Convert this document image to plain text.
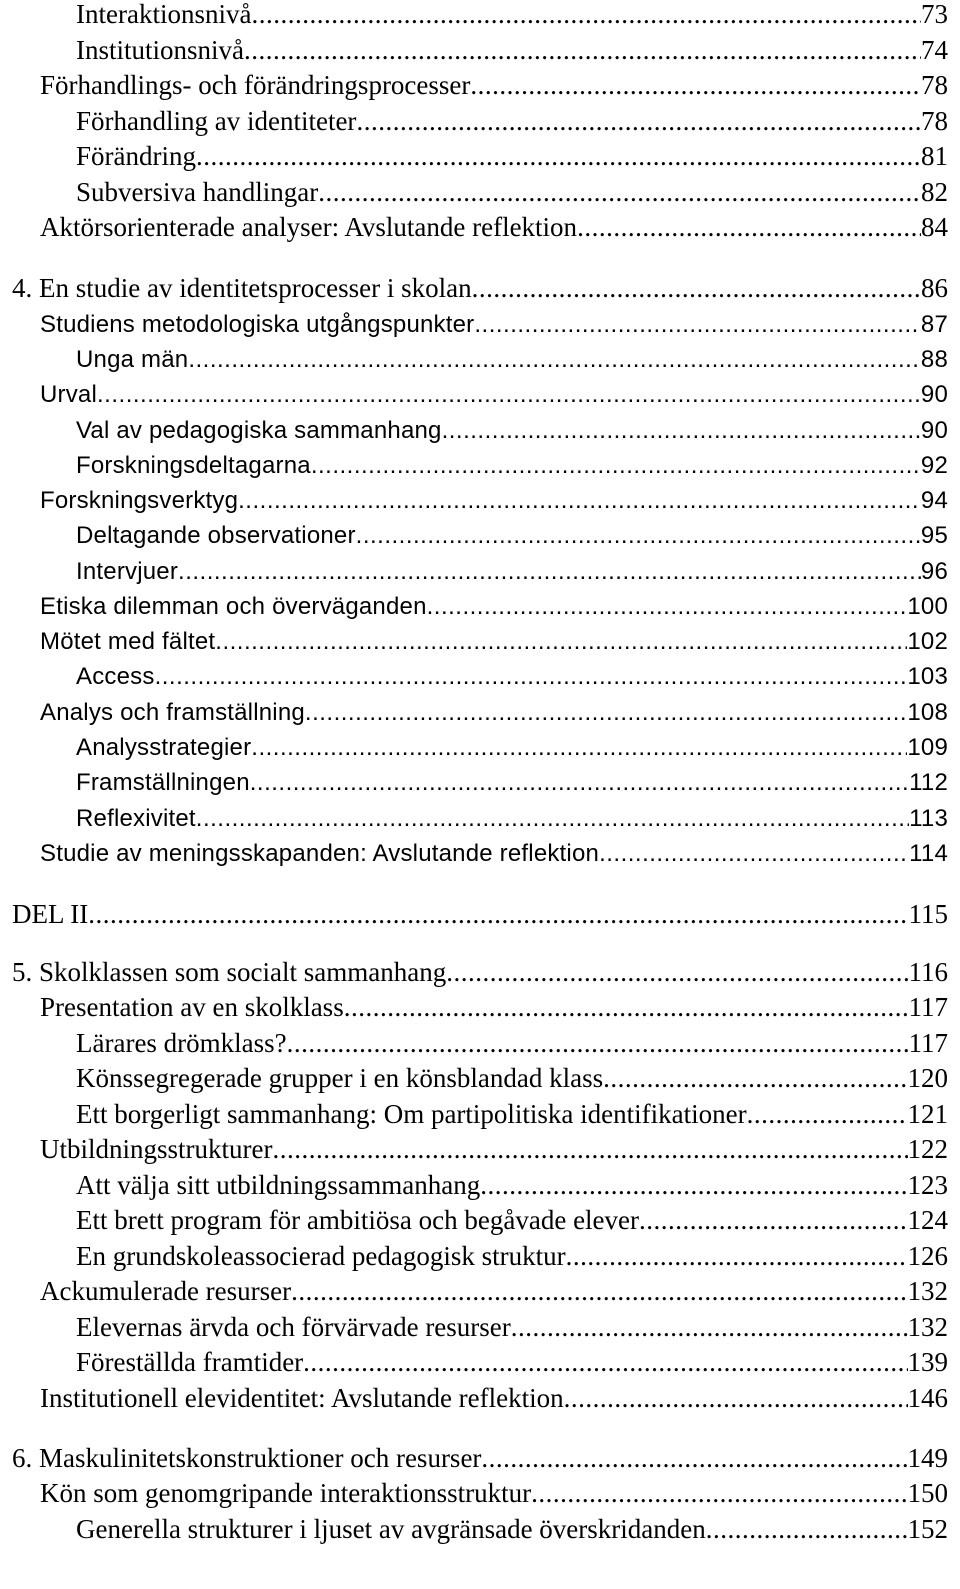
Interaktionsnivå .....	73
Institutionsnivå .....	74
Förhandlings- och förändringsprocesser .....	78
Förhandling av identiteter .....	78
Förändring .....	81
Subversiva handlingar .....	82
Aktörsorienterade analyser: Avslutande reflektion .....	84
4. En studie av identitetsprocesser i skolan .....	86
Studiens metodologiska utgångspunkter .....	87
Unga män .....	88
Urval .....	90
Val av pedagogiska sammanhang .....	90
Forskningsdeltagarna .....	92
Forskningsverktyg .....	94
Deltagande observationer .....	95
Intervjuer .....	96
Etiska dilemman och överväganden .....	100
Mötet med fältet .....	102
Access .....	103
Analys och framställning .....	108
Analysstrategier .....	109
Framställningen .....	112
Reflexivitet .....	113
Studie av meningsskapanden: Avslutande reflektion .....	114
DEL II .....	115
5. Skolklassen som socialt sammanhang .....	116
Presentation av en skolklass .....	117
Lärares drömklass? .....	117
Könssegregerade grupper i en könsblandad klass .....	120
Ett borgerligt sammanhang: Om partipolitiska identifikationer .....	121
Utbildningsstrukturer .....	122
Att välja sitt utbildningssammanhang .....	123
Ett brett program för ambitiösa och begåvade elever .....	124
En grundskoleassocierad pedagogisk struktur .....	126
Ackumulerade resurser .....	132
Elevernas ärvda och förvärvade resurser .....	132
Föreställda framtider .....	139
Institutionell elevidentitet: Avslutande reflektion .....	146
6. Maskulinitetskonstruktioner och resurser .....	149
Kön som genomgripande interaktionsstruktur .....	150
Generella strukturer i ljuset av avgränsade överskridanden .....	152
